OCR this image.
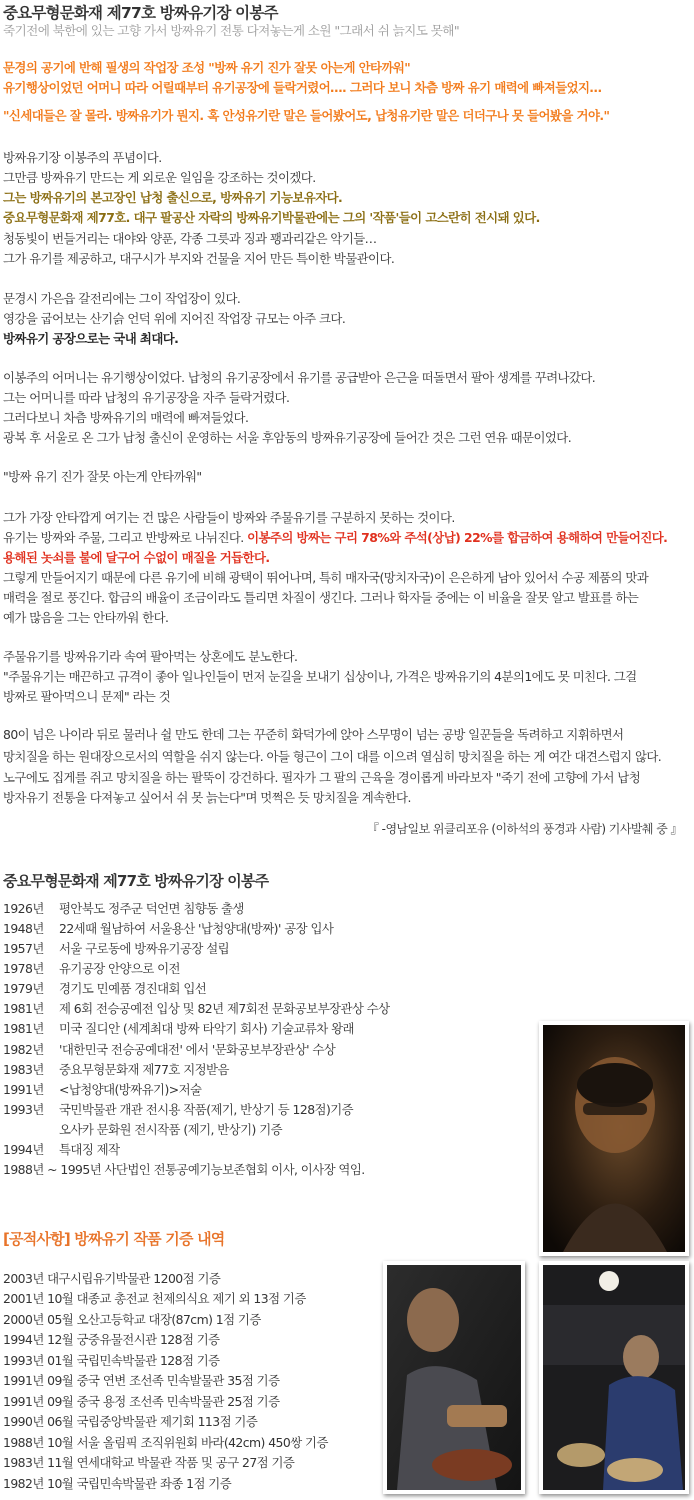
중요무형문화재 제77호 방짜유기장 이봉주
죽기전에 북한에 있는 고향 가서 방짜유기 전통 다져놓는게 소원 "그래서 쉬 늙지도 못해"
문경의 공기에 반해 필생의 작업장 조성 "방짜 유기 진가 잘못 아는게 안타까워"
유기행상이었던 어머니 따라 어릴때부터 유기공장에 들락거렸어…. 그러다 보니 차츰 방짜 유기 매력에 빠져들었지…
"신세대들은 잘 몰라. 방짜유기가 뭔지. 혹 안성유기란 말은 들어봤어도, 납청유기란 말은 더더구나 못 들어봤을 거야."
방짜유기장 이봉주의 푸념이다.
그만큼 방짜유기 만드는 게 외로운 일임을 강조하는 것이겠다.
그는 방짜유기의 본고장인 납청 출신으로, 방짜유기 기능보유자다.
중요무형문화재 제77호. 대구 팔공산 자락의 방짜유기박물관에는 그의 '작품'들이 고스란히 전시돼 있다.
청동빛이 번들거리는 대야와 양푼, 각종 그릇과 징과 꽹과리같은 악기들…
그가 유기를 제공하고, 대구시가 부지와 건물을 지어 만든 특이한 박물관이다.
문경시 가은읍 갈전리에는 그이 작업장이 있다.
영강을 굽어보는 산기슭 언덕 위에 지어진 작업장 규모는 아주 크다.
방짜유기 공장으로는 국내 최대다.
이봉주의 어머니는 유기행상이었다. 납청의 유기공장에서 유기를 공급받아 은근을 떠돌면서 팔아 생계를 꾸려나갔다.
그는 어머니를 따라 납청의 유기공장을 자주 들락거렸다.
그러다보니 차츰 방짜유기의 매력에 빠져들었다.
광복 후 서울로 온 그가 납청 출신이 운영하는 서울 후암동의 방짜유기공장에 들어간 것은 그런 연유 때문이었다.
"방짜 유기 진가 잘못 아는게 안타까워"
그가 가장 안타깝게 여기는 건 많은 사람들이 방짜와 주물유기를 구분하지 못하는 것이다.
유기는 방짜와 주물, 그리고 반방짜로 나뉘진다. 이봉주의 방짜는 구리 78%와 주석(상납) 22%를 합금하여 용해하여 만들어진다.
용해된 놋쇠를 불에 달구어 수없이 매질을 거듭한다.
그렇게 만들어지기 때문에 다른 유기에 비해 광택이 뛰어나며, 특히 매자국(망치자국)이 은은하게 남아 있어서 수공 제품의 맛과
매력을 절로 풍긴다. 합금의 배율이 조금이라도 틀리면 차질이 생긴다. 그러나 학자들 중에는 이 비율을 잘못 알고 발표를 하는
예가 많음을 그는 안타까워 한다.
주물유기를 방짜유기라 속여 팔아먹는 상혼에도 분노한다.
"주물유기는 매끈하고 규격이 좋아 일나인들이 먼저 눈길을 보내기 십상이나, 가격은 방짜유기의 4분의1에도 못 미친다. 그걸
방짜로 팔아먹으니 문제" 라는 것
80이 넘은 나이라 뒤로 물러나 쉴 만도 한데 그는 꾸준히 화덕가에 앉아 스무명이 넘는 공방 일꾼들을 독려하고 지휘하면서
망치질을 하는 원대장으로서의 역할을 쉬지 않는다. 아들 형근이 그이 대를 이으려 열심히 망치질을 하는 게 여간 대견스럽지 않다.
노구에도 집게를 쥐고 망치질을 하는 팔뚝이 강건하다. 필자가 그 팔의 근육을 경이롭게 바라보자 "죽기 전에 고향에 가서 납청
방자유기 전통을 다져놓고 싶어서 쉬 못 늙는다"며 멋쩍은 듯 망치질을 계속한다.
『 -영남일보 위클리포유 (이하석의 풍경과 사람) 기사발췌 중 』
중요무형문화재 제77호 방짜유기장 이봉주
1926년 평안북도 정주군 덕언면 침향동 출생
1948년 22세때 월남하여 서울용산 '납청양대(방짜)' 공장 입사
1957년 서울 구로동에 방짜유기공장 설립
1978년 유기공장 안양으로 이전
1979년 경기도 민예품 경진대회 입선
1981년 제 6회 전승공예전 입상 및 82년 제7회전 문화공보부장관상 수상
1981년 미국 질디안 (세계최대 방짜 타악기 회사) 기술교류차 왕래
1982년 '대한민국 전승공예대전' 에서 '문화공보부장관상' 수상
1983년 중요무형문화재 제77호 지정받음
1991년 <납청양대(방짜유기)>저술
1993년 국민박물관 개관 전시용 작품(제기, 반상기 등 128점)기증
오사카 문화원 전시작품 (제기, 반상기) 기증
1994년 특대징 제작
1988년 ~ 1995년 사단법인 전통공예기능보존협회 이사, 이사장 역임.
[공적사항] 방짜유기 작품 기증 내역
2003년 대구시립유기박물관 1200점 기증
2001년 10월 대종교 총전교 천제의식요 제기 외 13점 기증
2000년 05월 오산고등학교 대장(87cm) 1점 기증
1994년 12월 궁중유물전시관 128점 기증
1993년 01월 국립민속박물관 128점 기증
1991년 09월 중국 연변 조선족 민속발물관 35점 기증
1991년 09월 중국 용정 조선족 민속박물관 25점 기증
1990년 06월 국립중앙박물관 제기회 113점 기증
1988년 10월 서울 올림픽 조직위원회 바라(42cm) 450쌍 기증
1983년 11월 연세대학교 박물관 작품 및 공구 27점 기증
1982년 10월 국립민속박물관 좌종 1점 기증
